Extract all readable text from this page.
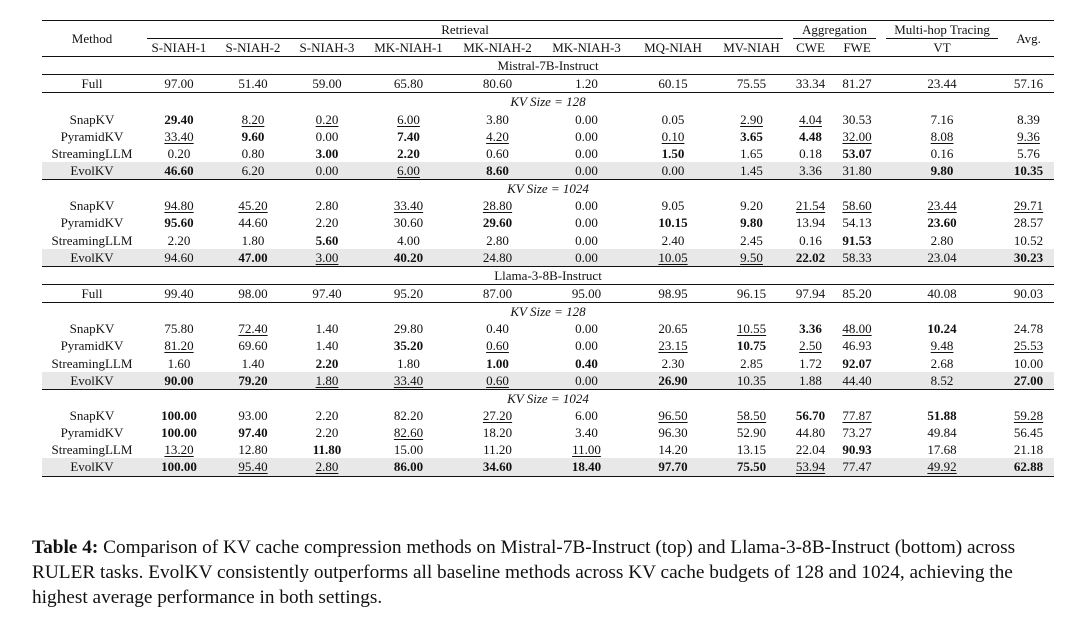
Method	Retrieval								Aggregation		Multi-hop Tracing	Avg.
	S-NIAH-1	S-NIAH-2	S-NIAH-3	MK-NIAH-1	MK-NIAH-2	MK-NIAH-3	MQ-NIAH	MV-NIAH	CWE	FWE	VT	
Mistral-7B-Instruct												
Full	97.00	51.40	59.00	65.80	80.60	1.20	60.15	75.55	33.34	81.27	23.44	57.16
KV Size = 128												
SnapKV	29.40	8.20	0.20	6.00	3.80	0.00	0.05	2.90	4.04	30.53	7.16	8.39
PyramidKV	33.40	9.60	0.00	7.40	4.20	0.00	0.10	3.65	4.48	32.00	8.08	9.36
StreamingLLM	0.20	0.80	3.00	2.20	0.60	0.00	1.50	1.65	0.18	53.07	0.16	5.76
EvolKV	46.60	6.20	0.00	6.00	8.60	0.00	0.00	1.45	3.36	31.80	9.80	10.35
KV Size = 1024												
SnapKV	94.80	45.20	2.80	33.40	28.80	0.00	9.05	9.20	21.54	58.60	23.44	29.71
PyramidKV	95.60	44.60	2.20	30.60	29.60	0.00	10.15	9.80	13.94	54.13	23.60	28.57
StreamingLLM	2.20	1.80	5.60	4.00	2.80	0.00	2.40	2.45	0.16	91.53	2.80	10.52
EvolKV	94.60	47.00	3.00	40.20	24.80	0.00	10.05	9.50	22.02	58.33	23.04	30.23
Llama-3-8B-Instruct												
Full	99.40	98.00	97.40	95.20	87.00	95.00	98.95	96.15	97.94	85.20	40.08	90.03
KV Size = 128												
SnapKV	75.80	72.40	1.40	29.80	0.40	0.00	20.65	10.55	3.36	48.00	10.24	24.78
PyramidKV	81.20	69.60	1.40	35.20	0.60	0.00	23.15	10.75	2.50	46.93	9.48	25.53
StreamingLLM	1.60	1.40	2.20	1.80	1.00	0.40	2.30	2.85	1.72	92.07	2.68	10.00
EvolKV	90.00	79.20	1.80	33.40	0.60	0.00	26.90	10.35	1.88	44.40	8.52	27.00
KV Size = 1024												
SnapKV	100.00	93.00	2.20	82.20	27.20	6.00	96.50	58.50	56.70	77.87	51.88	59.28
PyramidKV	100.00	97.40	2.20	82.60	18.20	3.40	96.30	52.90	44.80	73.27	49.84	56.45
StreamingLLM	13.20	12.80	11.80	15.00	11.20	11.00	14.20	13.15	22.04	90.93	17.68	21.18
EvolKV	100.00	95.40	2.80	86.00	34.60	18.40	97.70	75.50	53.94	77.47	49.92	62.88

Table 4: Comparison of KV cache compression methods on Mistral-7B-Instruct (top) and Llama-3-8B-Instruct (bottom) across RULER tasks. EvolKV consistently outperforms all baseline methods across KV cache budgets of 128 and 1024, achieving the highest average performance in both settings.
